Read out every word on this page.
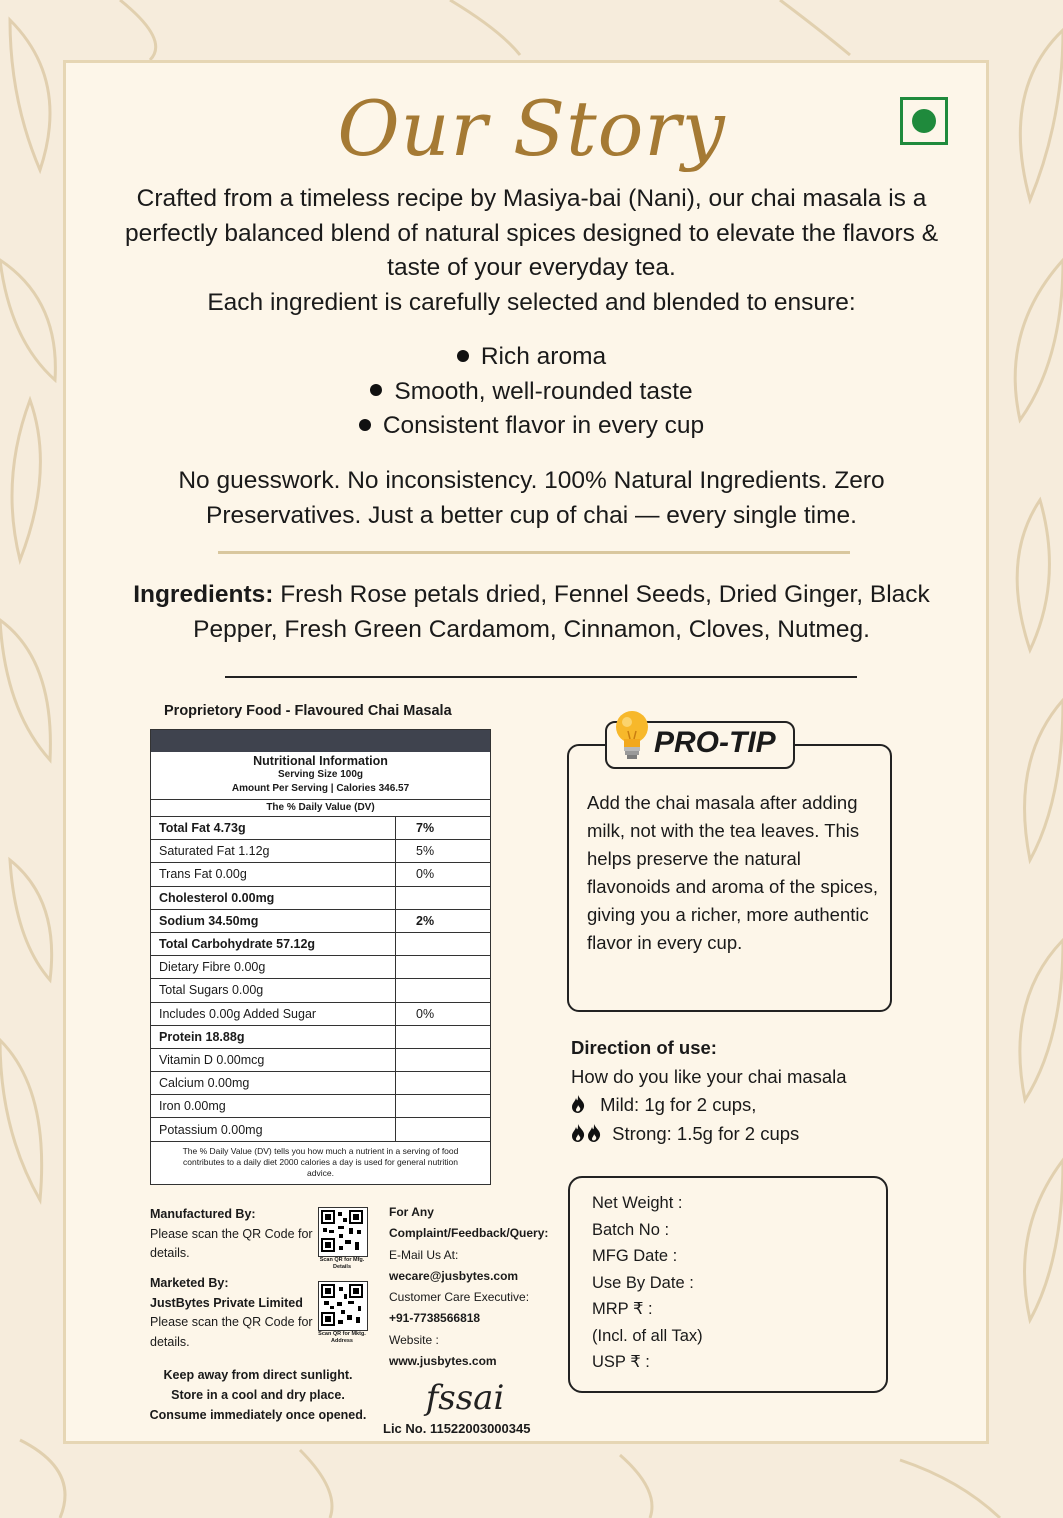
Our Story

Crafted from a timeless recipe by Masiya-bai (Nani), our chai masala is a perfectly balanced blend of natural spices designed to elevate the flavors & taste of your everyday tea.

Each ingredient is carefully selected and blended to ensure:

Rich aroma
Smooth, well-rounded taste
Consistent flavor in every cup
No guesswork. No inconsistency. 100% Natural Ingredients. Zero Preservatives. Just a better cup of chai — every single time.
Ingredients: Fresh Rose petals dried, Fennel Seeds, Dried Ginger, Black Pepper, Fresh Green Cardamom, Cinnamon, Cloves, Nutmeg.
Proprietory Food - Flavoured Chai Masala
Nutritional Information
Serving Size 100g
Amount Per Serving | Calories 346.57
The % Daily Value (DV)
Total Fat 4.73g	7%
Saturated Fat 1.12g	5%
Trans Fat 0.00g	0%
Cholesterol 0.00mg	
Sodium 34.50mg	2%
Total Carbohydrate 57.12g	
Dietary Fibre 0.00g	
Total Sugars 0.00g	
Includes 0.00g Added Sugar	0%
Protein 18.88g	
Vitamin D 0.00mcg	
Calcium 0.00mg	
Iron 0.00mg	
Potassium 0.00mg	
The % Daily Value (DV) tells you how much a nutrient in a serving of food contributes to a daily diet 2000 calories a day is used for general nutrition advice.
Manufactured By:
Please scan the QR Code for details.	Scan QR for Mfg. Details
Marketed By:
JustBytes Private Limited
Please scan the QR Code for details.
Scan QR for Mktg. Address
For Any
Complaint/Feedback/Query:
E-Mail Us At:
wecare@jusbytes.com
Customer Care Executive:
+91-7738566818
Website :
www.jusbytes.com
Keep away from direct sunlight.
Store in a cool and dry place.
Consume immediately once opened.	fssai
Lic No. 11522003000345
PRO-TIP
Add the chai masala after adding milk, not with the tea leaves. This helps preserve the natural flavonoids and aroma of the spices, giving you a richer, more authentic flavor in every cup.
Direction of use:
How do you like your chai masala
Mild: 1g for 2 cups,
Strong: 1.5g for 2 cups
Net Weight :
Batch No :
MFG Date :
Use By Date :
MRP ₹ :
(Incl. of all Tax)
USP ₹ :
